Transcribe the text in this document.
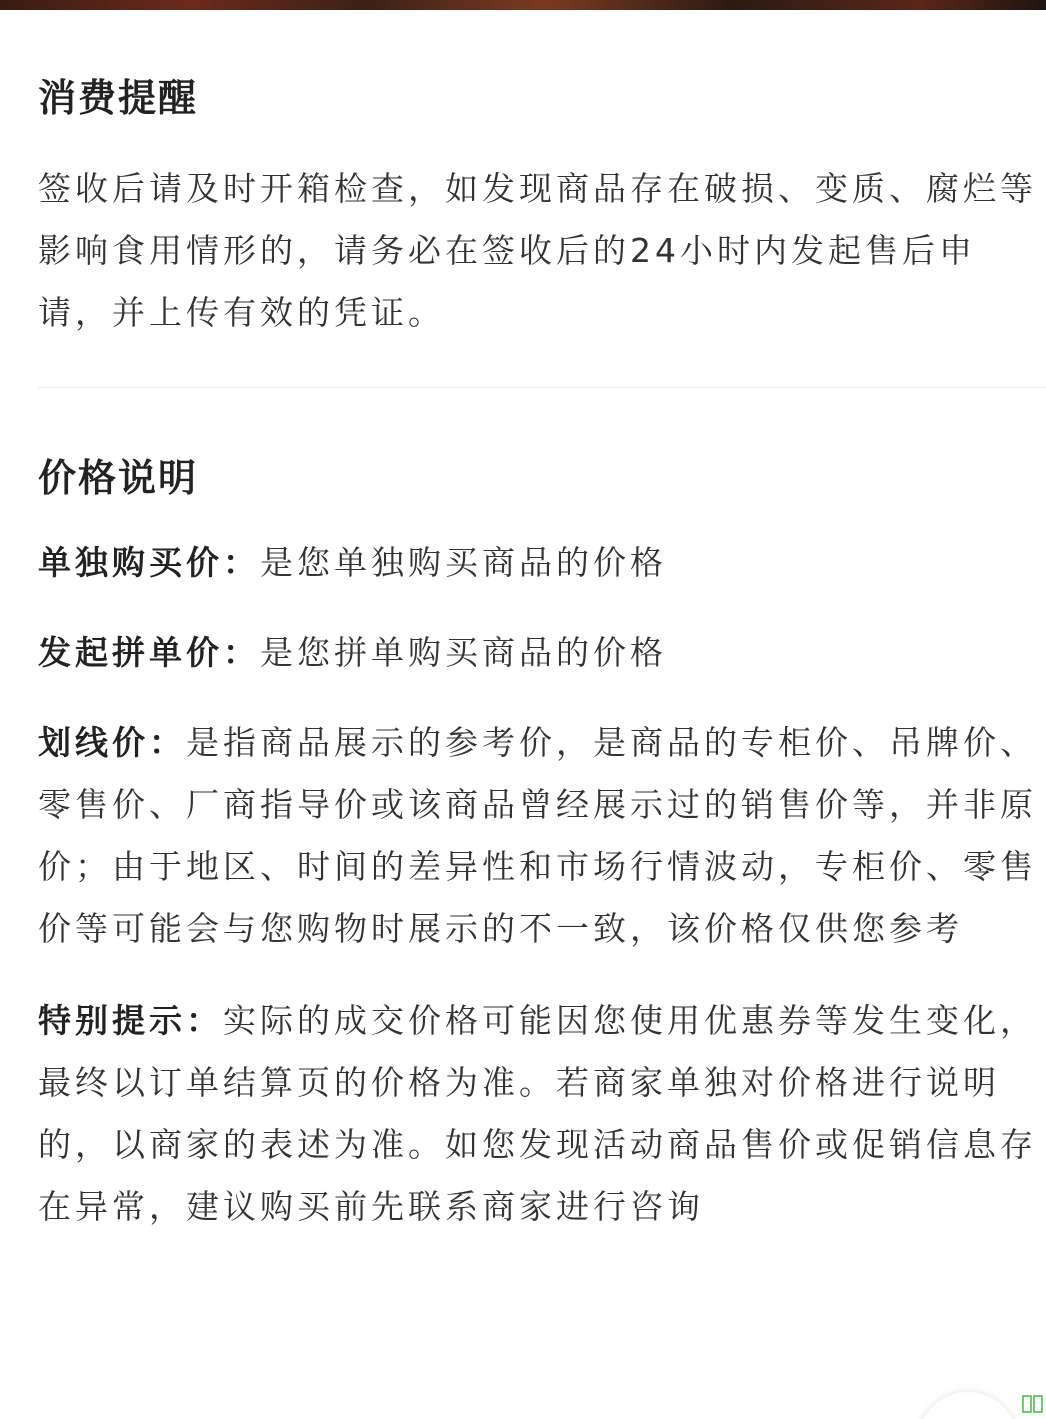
消费提醒

签收后请及时开箱检查，如发现商品存在破损、变质、腐烂等影响食用情形的，请务必在签收后的24小时内发起售后申请，并上传有效的凭证。

价格说明

单独购买价：是您单独购买商品的价格

发起拼单价：是您拼单购买商品的价格

划线价：是指商品展示的参考价，是商品的专柜价、吊牌价、零售价、厂商指导价或该商品曾经展示过的销售价等，并非原价；由于地区、时间的差异性和市场行情波动，专柜价、零售价等可能会与您购物时展示的不一致，该价格仅供您参考

特别提示：实际的成交价格可能因您使用优惠券等发生变化，最终以订单结算页的价格为准。若商家单独对价格进行说明的，以商家的表述为准。如您发现活动商品售价或促销信息存在异常，建议购买前先联系商家进行咨询
